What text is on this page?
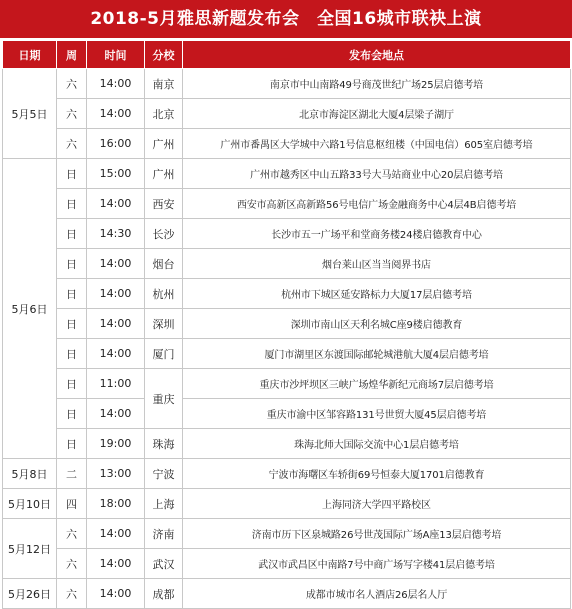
2018-5月雅思新题发布会　全国16城市联袂上演
日期	周	时间	分校	发布会地点
5月5日	六	14:00	南京	南京市中山南路49号商茂世纪广场25层启德考培
	六	14:00	北京	北京市海淀区湖北大厦4层梁子湖厅
	六	16:00	广州	广州市番禺区大学城中六路1号信息枢纽楼（中国电信）605室启德考培
5月6日	日	15:00	广州	广州市越秀区中山五路33号大马站商业中心20层启德考培
	日	14:00	西安	西安市高新区高新路56号电信广场金融商务中心4层4B启德考培
	日	14:30	长沙	长沙市五一广场平和堂商务楼24楼启德教育中心
	日	14:00	烟台	烟台莱山区当当阅界书店
	日	14:00	杭州	杭州市下城区延安路标力大厦17层启德考培
	日	14:00	深圳	深圳市南山区天利名城C座9楼启德教育
	日	14:00	厦门	厦门市湖里区东渡国际邮轮城港航大厦4层启德考培
	日	11:00	重庆	重庆市沙坪坝区三峡广场煌华新纪元商场7层启德考培
	日	14:00		重庆市渝中区邹容路131号世贸大厦45层启德考培
	日	19:00	珠海	珠海北师大国际交流中心1层启德考培
5月8日	二	13:00	宁波	宁波市海曙区车轿街69号恒泰大厦1701启德教育
5月10日	四	18:00	上海	上海同济大学四平路校区
5月12日	六	14:00	济南	济南市历下区泉城路26号世茂国际广场A座13层启德考培
	六	14:00	武汉	武汉市武昌区中南路7号中商广场写字楼41层启德考培
5月26日	六	14:00	成都	成都市城市名人酒店26层名人厅
